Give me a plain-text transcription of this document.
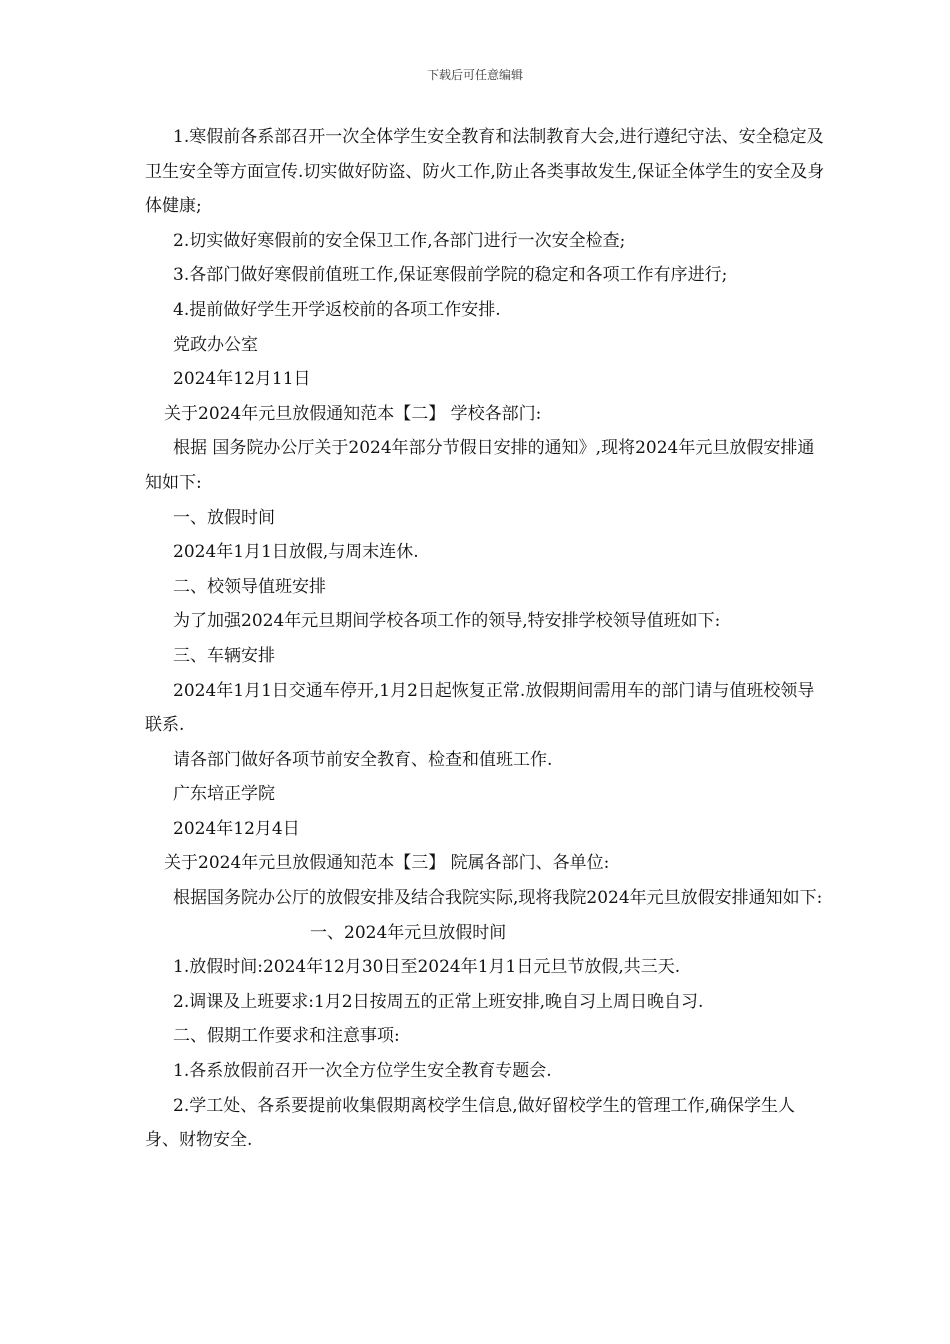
下载后可任意编辑

1.寒假前各系部召开一次全体学生安全教育和法制教育大会,进行遵纪守法、安全稳定及卫生安全等方面宣传.切实做好防盗、防火工作,防止各类事故发生,保证全体学生的安全及身体健康;

2.切实做好寒假前的安全保卫工作,各部门进行一次安全检查;

3.各部门做好寒假前值班工作,保证寒假前学院的稳定和各项工作有序进行;

4.提前做好学生开学返校前的各项工作安排.

党政办公室

2024年12月11日

关于2024年元旦放假通知范本【二】 学校各部门:

根据 国务院办公厅关于2024年部分节假日安排的通知》,现将2024年元旦放假安排通知如下:

一、放假时间

2024年1月1日放假,与周末连休.

二、校领导值班安排

为了加强2024年元旦期间学校各项工作的领导,特安排学校领导值班如下:

三、车辆安排

2024年1月1日交通车停开,1月2日起恢复正常.放假期间需用车的部门请与值班校领导联系.

请各部门做好各项节前安全教育、检查和值班工作.

广东培正学院

2024年12月4日

关于2024年元旦放假通知范本【三】 院属各部门、各单位:

根据国务院办公厅的放假安排及结合我院实际,现将我院2024年元旦放假安排通知如下:

一、2024年元旦放假时间

1.放假时间:2024年12月30日至2024年1月1日元旦节放假,共三天.

2.调课及上班要求:1月2日按周五的正常上班安排,晚自习上周日晚自习.

二、假期工作要求和注意事项:

1.各系放假前召开一次全方位学生安全教育专题会.

2.学工处、各系要提前收集假期离校学生信息,做好留校学生的管理工作,确保学生人身、财物安全.
